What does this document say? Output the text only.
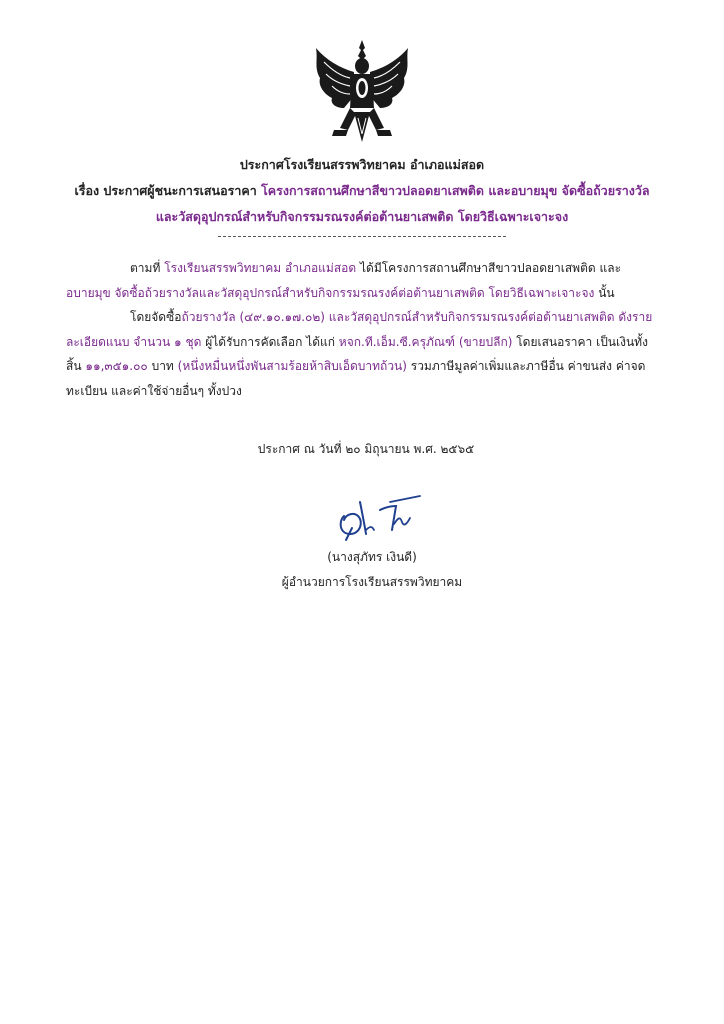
ประกาศโรงเรียนสรรพวิทยาคม อำเภอแม่สอด
เรื่อง ประกาศผู้ชนะการเสนอราคา โครงการสถานศึกษาสีขาวปลอดยาเสพติด และอบายมุข จัดซื้อถ้วยรางวัล
และวัสดุอุปกรณ์สำหรับกิจกรรมรณรงค์ต่อต้านยาเสพติด โดยวิธีเฉพาะเจาะจง
ตามที่ โรงเรียนสรรพวิทยาคม อำเภอแม่สอด ได้มีโครงการสถานศึกษาสีขาวปลอดยาเสพติด และ
อบายมุข จัดซื้อถ้วยรางวัลและวัสดุอุปกรณ์สำหรับกิจกรรมรณรงค์ต่อต้านยาเสพติด โดยวิธีเฉพาะเจาะจง นั้น
โดยจัดซื้อถ้วยรางวัล (๔๙.๑๐.๑๗.๐๒) และวัสดุอุปกรณ์สำหรับกิจกรรมรณรงค์ต่อต้านยาเสพติด ดังราย
ละเอียดแนบ จำนวน ๑ ชุด ผู้ได้รับการคัดเลือก ได้แก่ หจก.ที.เอ็ม.ซี.ครุภัณฑ์ (ขายปลีก) โดยเสนอราคา เป็นเงินทั้ง
สิ้น ๑๑,๓๕๑.๐๐ บาท (หนึ่งหมื่นหนึ่งพันสามร้อยห้าสิบเอ็ดบาทถ้วน) รวมภาษีมูลค่าเพิ่มและภาษีอื่น ค่าขนส่ง ค่าจด
ทะเบียน และค่าใช้จ่ายอื่นๆ ทั้งปวง
ประกาศ ณ วันที่ ๒๐ มิถุนายน พ.ศ. ๒๕๖๕
(นางสุภัทร เงินดี)
ผู้อำนวยการโรงเรียนสรรพวิทยาคม
